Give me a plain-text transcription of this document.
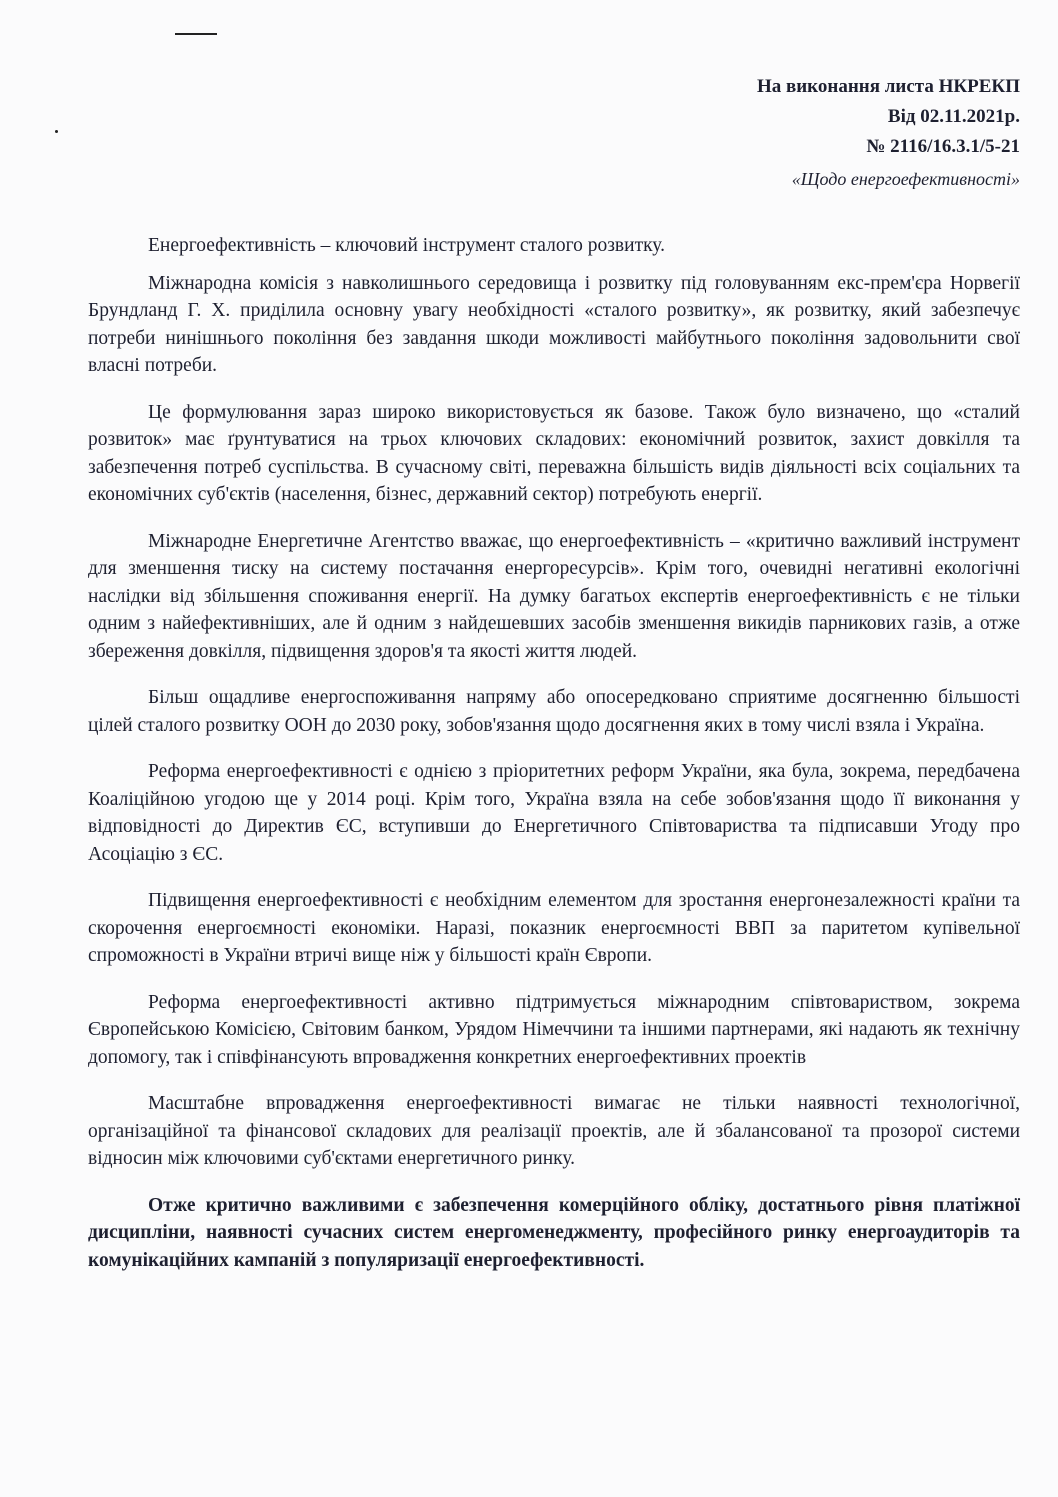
На виконання листа НКРЕКП
Від 02.11.2021р.
№ 2116/16.3.1/5-21
«Щодо енергоефективності»

Енергоефективність – ключовий інструмент сталого розвитку.

Міжнародна комісія з навколишнього середовища і розвитку під головуванням екс-прем'єра Норвегії Брундланд Г. Х. приділила основну увагу необхідності «сталого розвитку», як розвитку, який забезпечує потреби нинішнього покоління без завдання шкоди можливості майбутнього покоління задовольнити свої власні потреби.

Це формулювання зараз широко використовується як базове. Також було визначено, що «сталий розвиток» має ґрунтуватися на трьох ключових складових: економічний розвиток, захист довкілля та забезпечення потреб суспільства. В сучасному світі, переважна більшість видів діяльності всіх соціальних та економічних суб'єктів (населення, бізнес, державний сектор) потребують енергії.

Міжнародне Енергетичне Агентство вважає, що енергоефективність – «критично важливий інструмент для зменшення тиску на систему постачання енергоресурсів». Крім того, очевидні негативні екологічні наслідки від збільшення споживання енергії. На думку багатьох експертів енергоефективність є не тільки одним з найефективніших, але й одним з найдешевших засобів зменшення викидів парникових газів, а отже збереження довкілля, підвищення здоров'я та якості життя людей.

Більш ощадливе енергоспоживання напряму або опосередковано сприятиме досягненню більшості цілей сталого розвитку ООН до 2030 року, зобов'язання щодо досягнення яких в тому числі взяла і Україна.

Реформа енергоефективності є однією з пріоритетних реформ України, яка була, зокрема, передбачена Коаліційною угодою ще у 2014 році. Крім того, Україна взяла на себе зобов'язання щодо її виконання у відповідності до Директив ЄС, вступивши до Енергетичного Співтовариства та підписавши Угоду про Асоціацію з ЄС.

Підвищення енергоефективності є необхідним елементом для зростання енергонезалежності країни та скорочення енергоємності економіки. Наразі, показник енергоємності ВВП за паритетом купівельної спроможності в України втричі вище ніж у більшості країн Європи.

Реформа енергоефективності активно підтримується міжнародним співтовариством, зокрема Європейською Комісією, Світовим банком, Урядом Німеччини та іншими партнерами, які надають як технічну допомогу, так і співфінансують впровадження конкретних енергоефективних проектів

Масштабне впровадження енергоефективності вимагає не тільки наявності технологічної, організаційної та фінансової складових для реалізації проектів, але й збалансованої та прозорої системи відносин між ключовими суб'єктами енергетичного ринку.

Отже критично важливими є забезпечення комерційного обліку, достатнього рівня платіжної дисципліни, наявності сучасних систем енергоменеджменту, професійного ринку енергоаудиторів та комунікаційних кампаній з популяризації енергоефективності.
